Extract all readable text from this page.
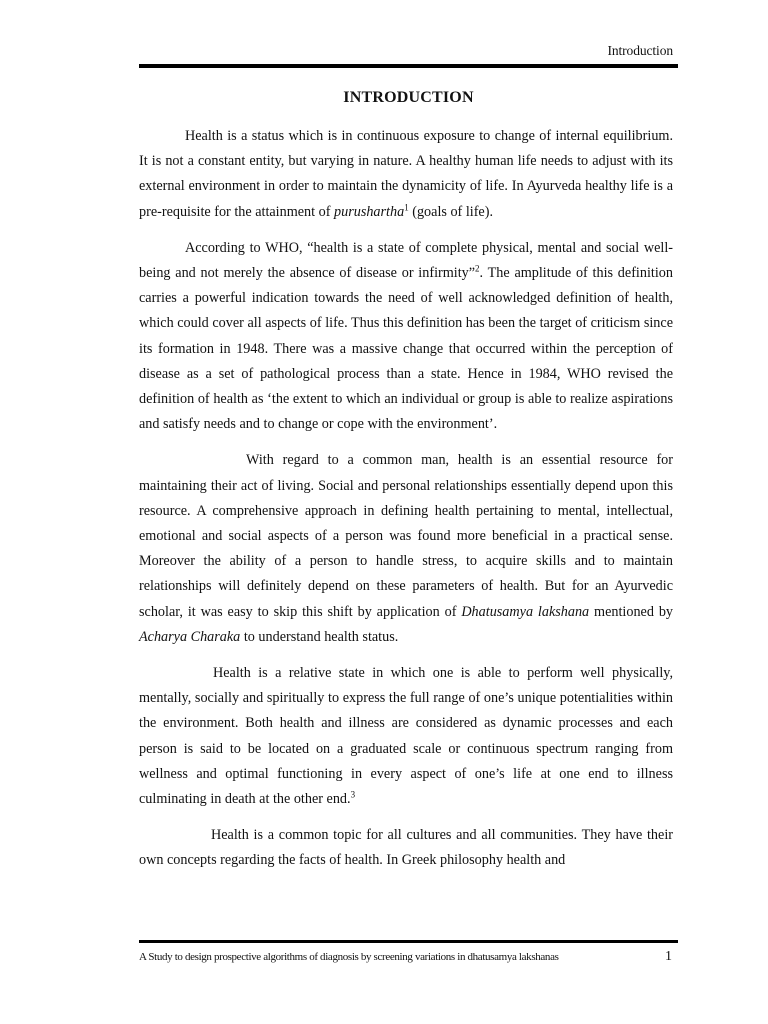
Introduction
INTRODUCTION

Health is a status which is in continuous exposure to change of internal equilibrium. It is not a constant entity, but varying in nature. A healthy human life needs to adjust with its external environment in order to maintain the dynamicity of life. In Ayurveda healthy life is a pre-requisite for the attainment of purushartha$^1$ (goals of life).

According to WHO, “health is a state of complete physical, mental and social well-being and not merely the absence of disease or infirmity”$^2$. The amplitude of this definition carries a powerful indication towards the need of well acknowledged definition of health, which could cover all aspects of life. Thus this definition has been the target of criticism since its formation in 1948. There was a massive change that occurred within the perception of disease as a set of pathological process than a state. Hence in 1984, WHO revised the definition of health as ‘the extent to which an individual or group is able to realize aspirations and satisfy needs and to change or cope with the environment’.

With regard to a common man, health is an essential resource for maintaining their act of living. Social and personal relationships essentially depend upon this resource. A comprehensive approach in defining health pertaining to mental, intellectual, emotional and social aspects of a person was found more beneficial in a practical sense. Moreover the ability of a person to handle stress, to acquire skills and to maintain relationships will definitely depend on these parameters of health. But for an Ayurvedic scholar, it was easy to skip this shift by application of Dhatusamya lakshana mentioned by Acharya Charaka to understand health status.

Health is a relative state in which one is able to perform well physically, mentally, socially and spiritually to express the full range of one’s unique potentialities within the environment. Both health and illness are considered as dynamic processes and each person is said to be located on a graduated scale or continuous spectrum ranging from wellness and optimal functioning in every aspect of one’s life at one end to illness culminating in death at the other end.$^3$

Health is a common topic for all cultures and all communities. They have their own concepts regarding the facts of health. In Greek philosophy health and

A Study to design prospective algorithms of diagnosis by screening variations in dhatusamya lakshanas	1
